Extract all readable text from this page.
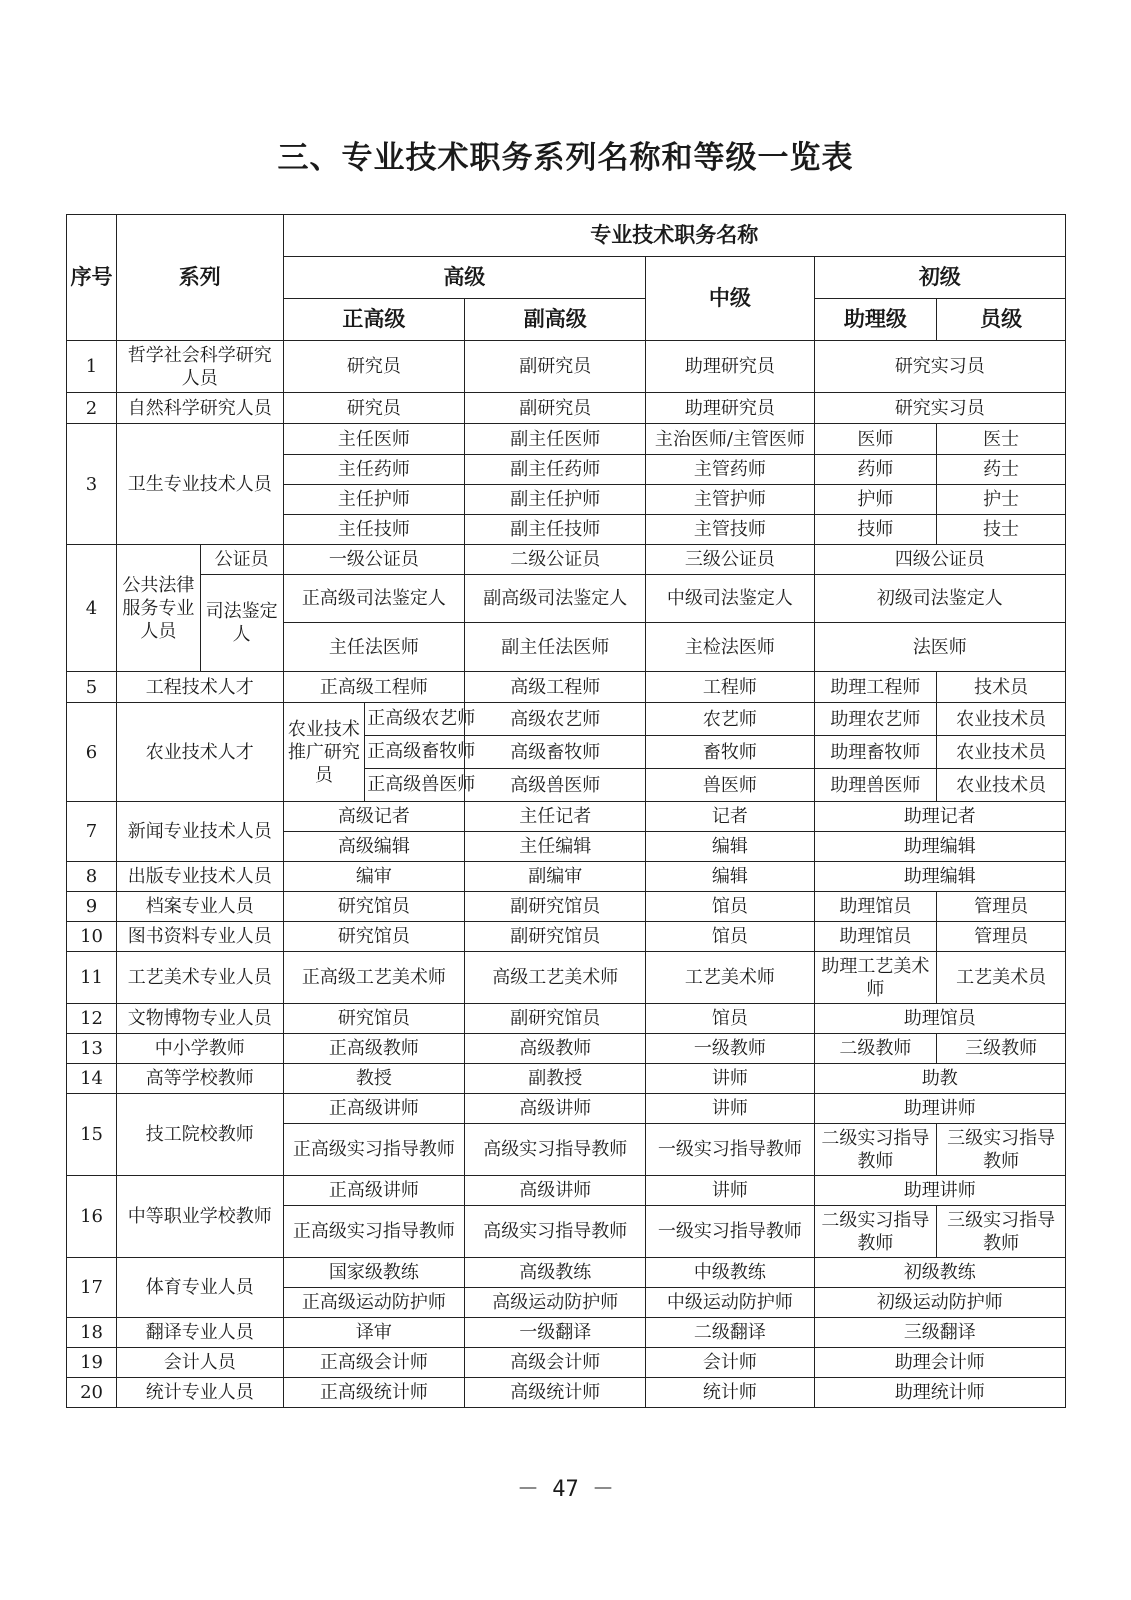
三、专业技术职务系列名称和等级一览表
序号	系列		专业技术职务名称					
			高级			中级	初级	
			正高级		副高级		助理级	员级
1	哲学社会科学研究人员		研究员		副研究员	助理研究员	研究实习员	
2	自然科学研究人员		研究员		副研究员	助理研究员	研究实习员	
3	卫生专业技术人员		主任医师		副主任医师	主治医师/主管医师	医师	医士
			主任药师		副主任药师	主管药师	药师	药士
			主任护师		副主任护师	主管护师	护师	护士
			主任技师		副主任技师	主管技师	技师	技士
4	公共法律服务专业人员	公证员	一级公证员		二级公证员	三级公证员	四级公证员	
		司法鉴定人	正高级司法鉴定人		副高级司法鉴定人	中级司法鉴定人	初级司法鉴定人	
			主任法医师		副主任法医师	主检法医师	法医师	
5	工程技术人才		正高级工程师		高级工程师	工程师	助理工程师	技术员
6	农业技术人才		农业技术推广研究员	正高级农艺师	高级农艺师	农艺师	助理农艺师	农业技术员

				正高级畜牧师	高级畜牧师	畜牧师	助理畜牧师	农业技术员

				正高级兽医师	高级兽医师	兽医师	助理兽医师	农业技术员
7	新闻专业技术人员		高级记者		主任记者	记者	助理记者	
			高级编辑		主任编辑	编辑	助理编辑	
8	出版专业技术人员		编审		副编审	编辑	助理编辑	
9	档案专业人员		研究馆员		副研究馆员	馆员	助理馆员	管理员
10	图书资料专业人员		研究馆员		副研究馆员	馆员	助理馆员	管理员
11	工艺美术专业人员		正高级工艺美术师		高级工艺美术师	工艺美术师	助理工艺美术师	工艺美术员
12	文物博物专业人员		研究馆员		副研究馆员	馆员	助理馆员	
13	中小学教师		正高级教师		高级教师	一级教师	二级教师	三级教师
14	高等学校教师		教授		副教授	讲师	助教	
15	技工院校教师		正高级讲师		高级讲师	讲师	助理讲师	
			正高级实习指导教师		高级实习指导教师	一级实习指导教师	二级实习指导教师	三级实习指导教师
16	中等职业学校教师		正高级讲师		高级讲师	讲师	助理讲师	
			正高级实习指导教师		高级实习指导教师	一级实习指导教师	二级实习指导教师	三级实习指导教师
17	体育专业人员		国家级教练		高级教练	中级教练	初级教练	
			正高级运动防护师		高级运动防护师	中级运动防护师	初级运动防护师	
18	翻译专业人员		译审		一级翻译	二级翻译	三级翻译	
19	会计人员		正高级会计师		高级会计师	会计师	助理会计师	
20	统计专业人员		正高级统计师		高级统计师	统计师	助理统计师	
－ 47 －
